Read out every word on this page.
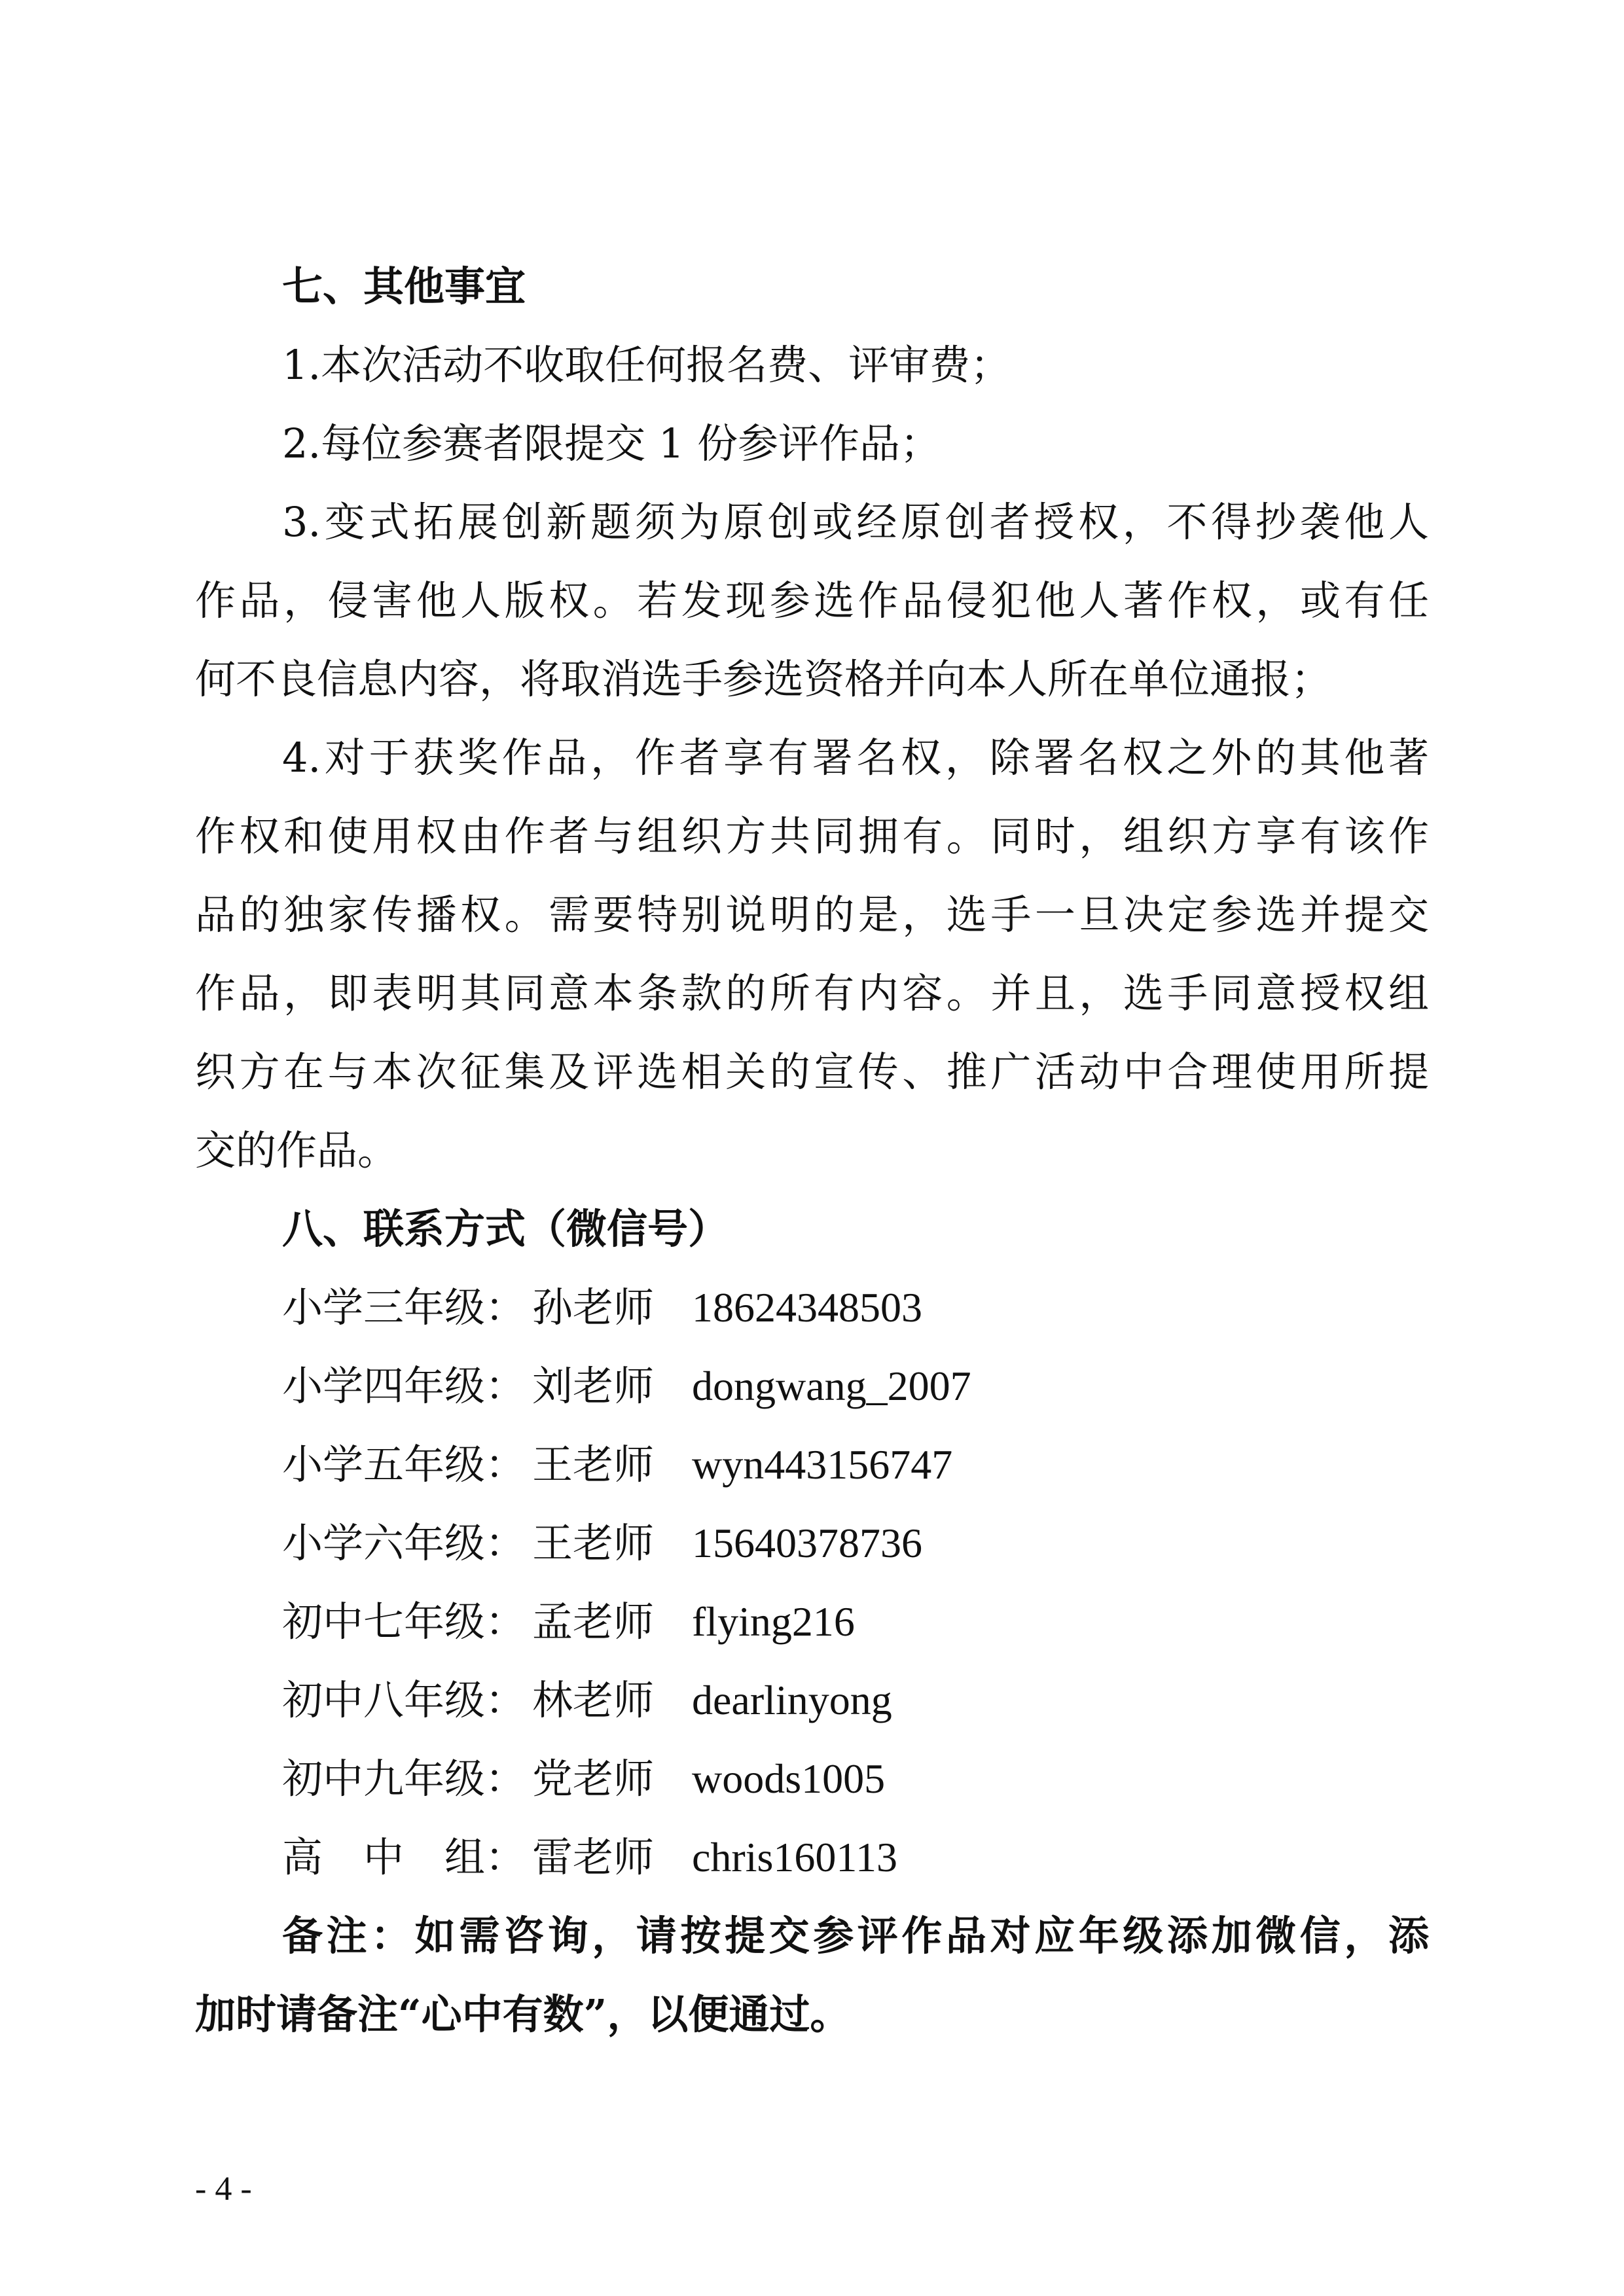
七、其他事宜
1.本次活动不收取任何报名费、评审费；
2.每位参赛者限提交 1 份参评作品；
3.变式拓展创新题须为原创或经原创者授权，不得抄袭他人
作品，侵害他人版权。若发现参选作品侵犯他人著作权，或有任
何不良信息内容，将取消选手参选资格并向本人所在单位通报；
4.对于获奖作品，作者享有署名权，除署名权之外的其他著
作权和使用权由作者与组织方共同拥有。同时，组织方享有该作
品的独家传播权。需要特别说明的是，选手一旦决定参选并提交
作品，即表明其同意本条款的所有内容。并且，选手同意授权组
织方在与本次征集及评选相关的宣传、推广活动中合理使用所提
交的作品。
八、联系方式（微信号）
小学三年级： 孙老师 18624348503
小学四年级： 刘老师 dongwang_2007
小学五年级： 王老师 wyn443156747
小学六年级： 王老师 15640378736
初中七年级： 孟老师 flying216
初中八年级： 林老师 dearlinyong
初中九年级： 党老师 woods1005
高　中　组： 雷老师 chris160113
备注：如需咨询，请按提交参评作品对应年级添加微信，添
加时请备注“心中有数”，以便通过。
- 4 -
